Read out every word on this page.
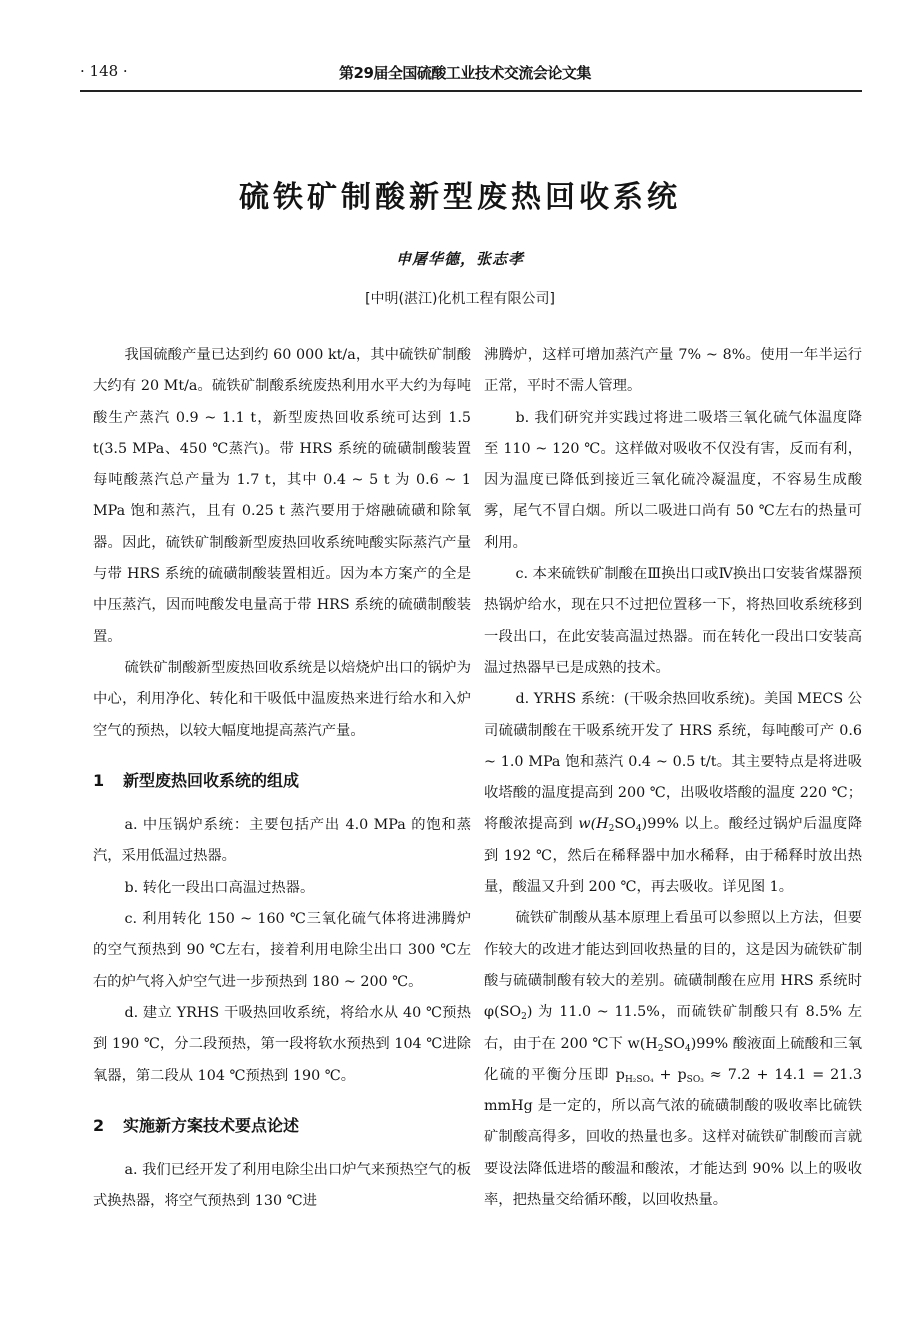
· 148 ·	第29届全国硫酸工业技术交流会论文集
硫铁矿制酸新型废热回收系统
申屠华德，张志孝
[中明(湛江)化机工程有限公司]

我国硫酸产量已达到约 60 000 kt/a，其中硫铁矿制酸大约有 20 Mt/a。硫铁矿制酸系统废热利用水平大约为每吨酸生产蒸汽 0.9 ~ 1.1 t，新型废热回收系统可达到 1.5 t(3.5 MPa、450 ℃蒸汽)。带 HRS 系统的硫磺制酸装置每吨酸蒸汽总产量为 1.7 t，其中 0.4 ~ 5 t 为 0.6 ~ 1 MPa 饱和蒸汽，且有 0.25 t 蒸汽要用于熔融硫磺和除氧器。因此，硫铁矿制酸新型废热回收系统吨酸实际蒸汽产量与带 HRS 系统的硫磺制酸装置相近。因为本方案产的全是中压蒸汽，因而吨酸发电量高于带 HRS 系统的硫磺制酸装置。

硫铁矿制酸新型废热回收系统是以焙烧炉出口的锅炉为中心，利用净化、转化和干吸低中温废热来进行给水和入炉空气的预热，以较大幅度地提高蒸汽产量。

1 新型废热回收系统的组成

a. 中压锅炉系统：主要包括产出 4.0 MPa 的饱和蒸汽，采用低温过热器。

b. 转化一段出口高温过热器。

c. 利用转化 150 ~ 160 ℃三氧化硫气体将进沸腾炉的空气预热到 90 ℃左右，接着利用电除尘出口 300 ℃左右的炉气将入炉空气进一步预热到 180 ~ 200 ℃。

d. 建立 YRHS 干吸热回收系统，将给水从 40 ℃预热到 190 ℃，分二段预热，第一段将软水预热到 104 ℃进除氧器，第二段从 104 ℃预热到 190 ℃。

2 实施新方案技术要点论述

a. 我们已经开发了利用电除尘出口炉气来预热空气的板式换热器，将空气预热到 130 ℃进

沸腾炉，这样可增加蒸汽产量 7% ~ 8%。使用一年半运行正常，平时不需人管理。

b. 我们研究并实践过将进二吸塔三氧化硫气体温度降至 110 ~ 120 ℃。这样做对吸收不仅没有害，反而有利，因为温度已降低到接近三氧化硫冷凝温度，不容易生成酸雾，尾气不冒白烟。所以二吸进口尚有 50 ℃左右的热量可利用。

c. 本来硫铁矿制酸在Ⅲ换出口或Ⅳ换出口安装省煤器预热锅炉给水，现在只不过把位置移一下，将热回收系统移到一段出口，在此安装高温过热器。而在转化一段出口安装高温过热器早已是成熟的技术。

d. YRHS 系统：(干吸余热回收系统)。美国 MECS 公司硫磺制酸在干吸系统开发了 HRS 系统，每吨酸可产 0.6 ~ 1.0 MPa 饱和蒸汽 0.4 ~ 0.5 t/t。其主要特点是将进吸收塔酸的温度提高到 200 ℃，出吸收塔酸的温度 220 ℃；将酸浓提高到 $w(H_2SO_4)99\%$ 以上。酸经过锅炉后温度降到 192 ℃，然后在稀释器中加水稀释，由于稀释时放出热量，酸温又升到 200 ℃，再去吸收。详见图 1。

硫铁矿制酸从基本原理上看虽可以参照以上方法，但要作较大的改进才能达到回收热量的目的，这是因为硫铁矿制酸与硫磺制酸有较大的差别。硫磺制酸在应用 HRS 系统时 $\varphi(SO_2)$ 为 11.0 ~ 11.5%，而硫铁矿制酸只有 8.5% 左右，由于在 200 ℃下 $w(H_2SO_4)99\%$ 酸液面上硫酸和三氧化硫的平衡分压即 $p_{H_2SO_4} + p_{SO_3} \approx 7.2 + 14.1 = 21.3$ mmHg 是一定的，所以高气浓的硫磺制酸的吸收率比硫铁矿制酸高得多，回收的热量也多。这样对硫铁矿制酸而言就要设法降低进塔的酸温和酸浓，才能达到 90% 以上的吸收率，把热量交给循环酸，以回收热量。
